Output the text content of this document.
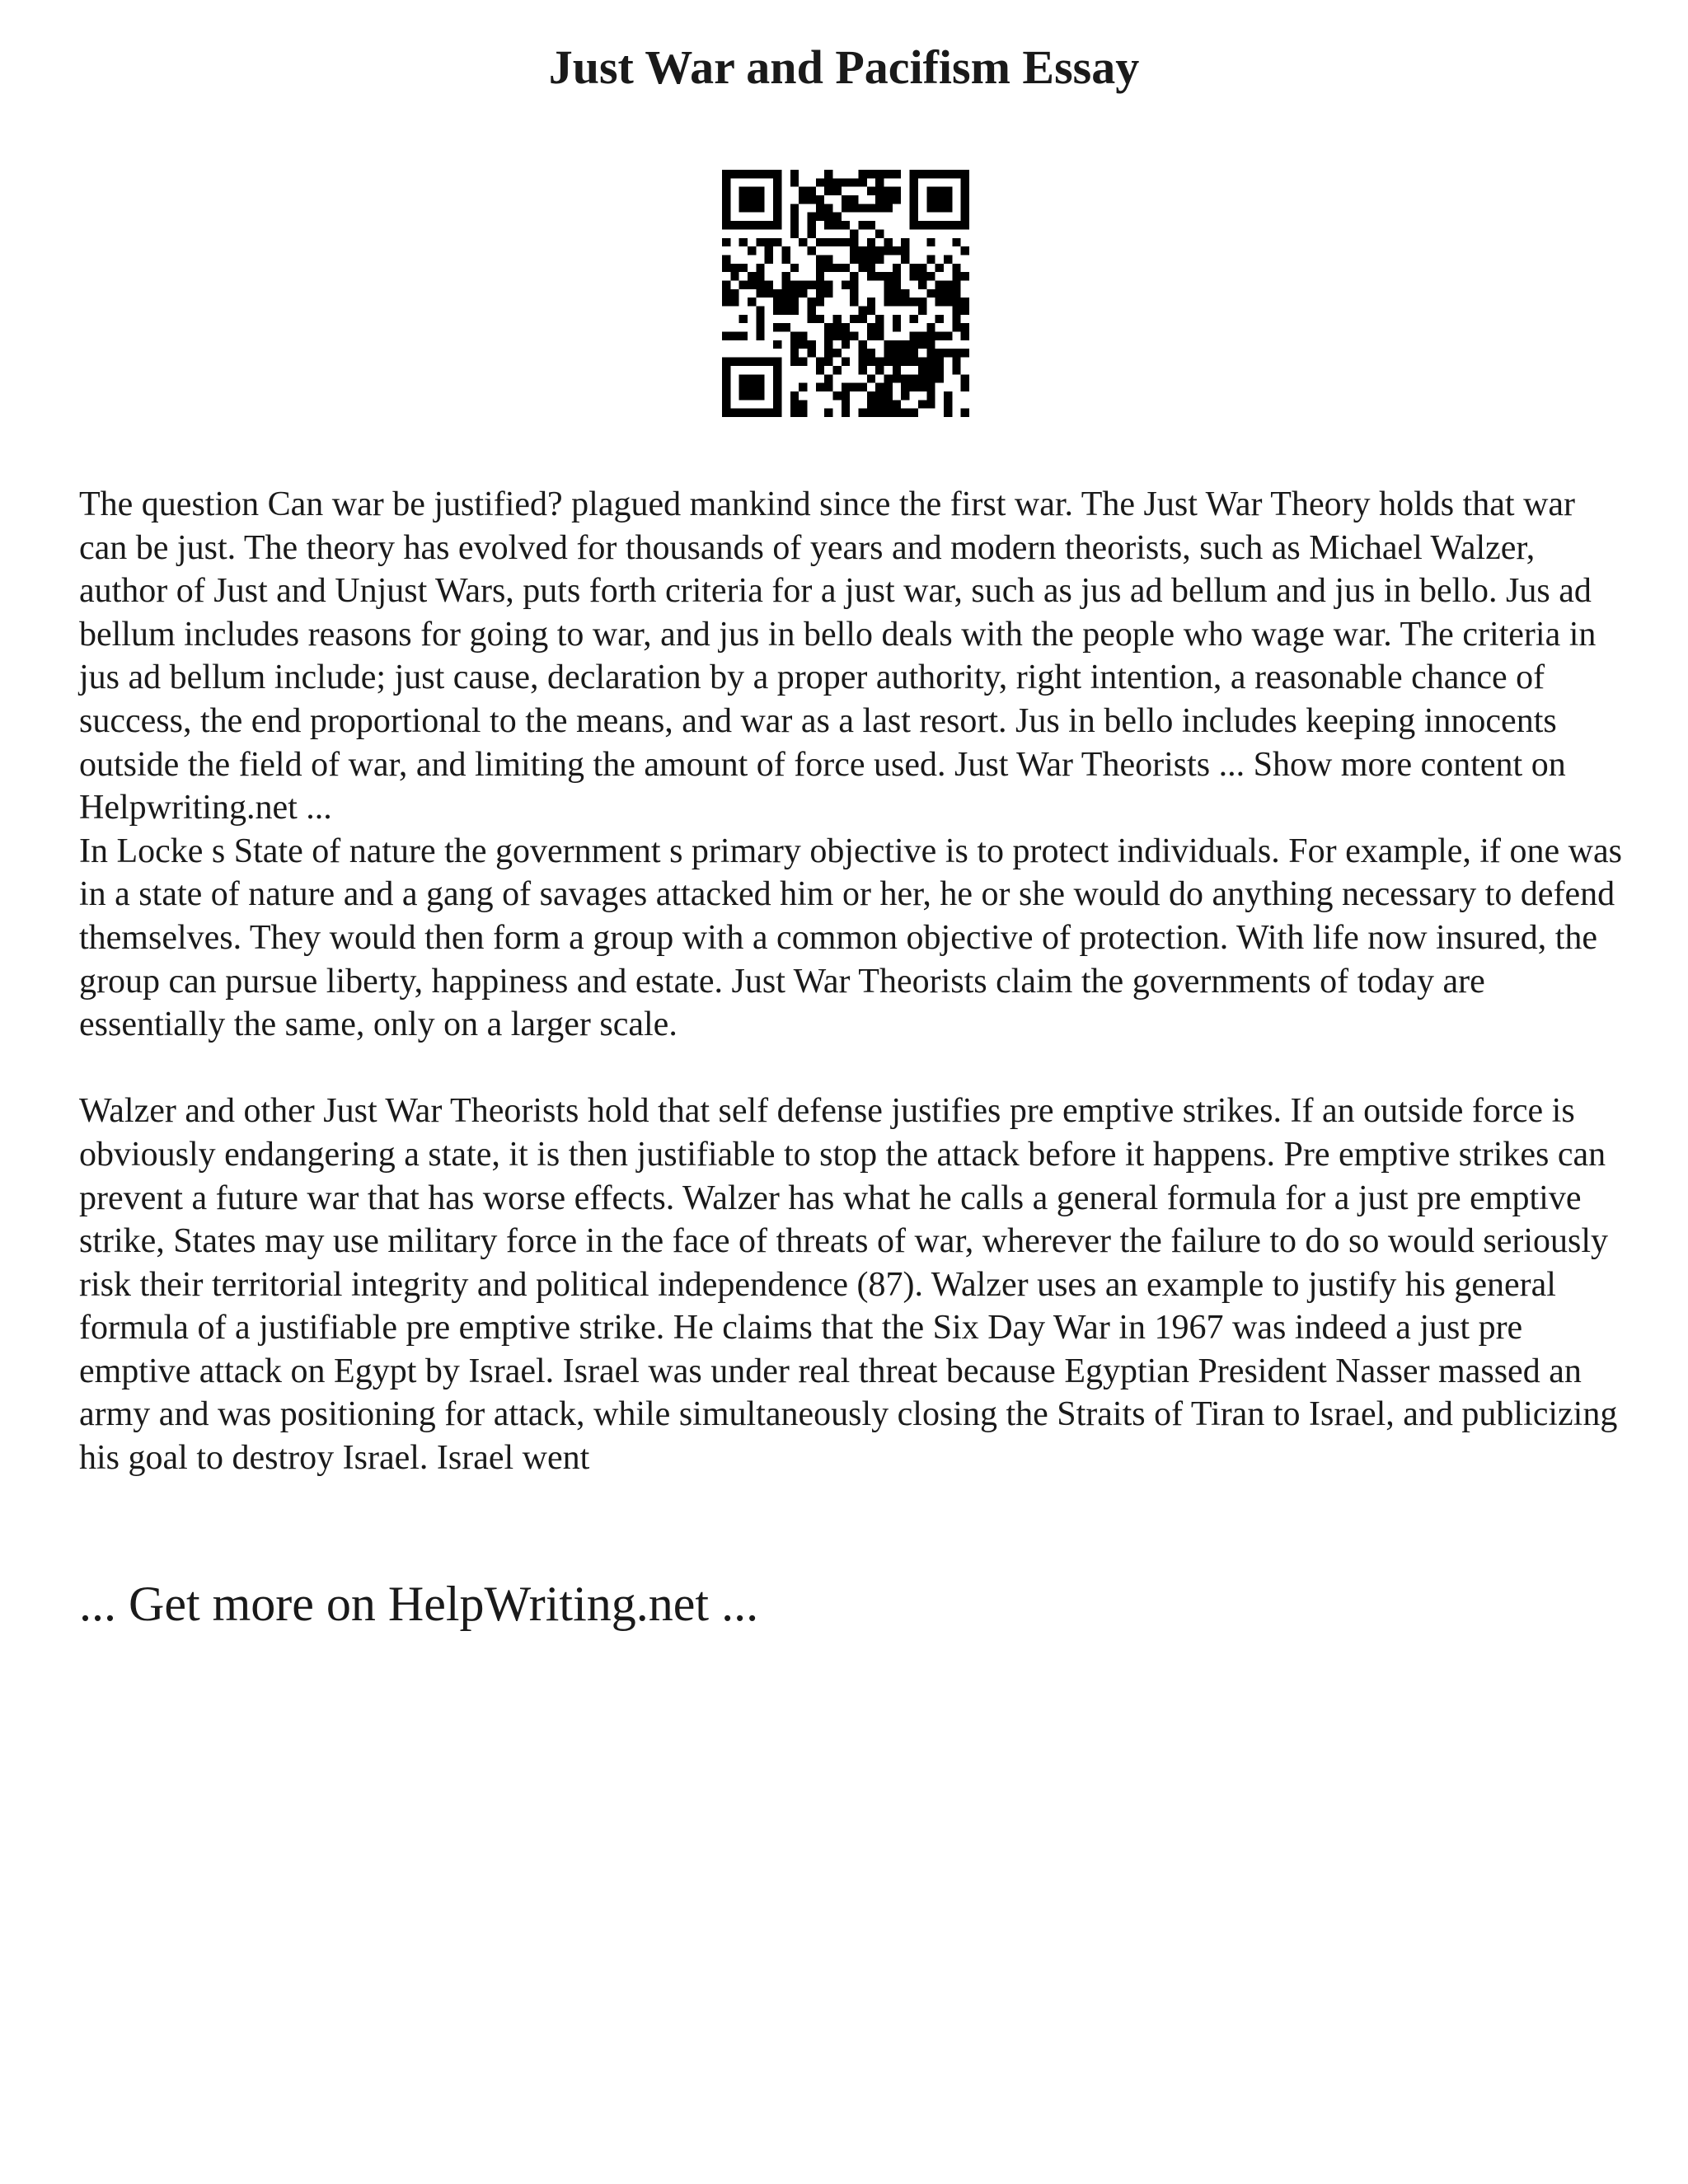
Just War and Pacifism Essay

The question Can war be justified? plagued mankind since the first war. The Just War Theory holds that war can be just. The theory has evolved for thousands of years and modern theorists, such as Michael Walzer, author of Just and Unjust Wars, puts forth criteria for a just war, such as jus ad bellum and jus in bello. Jus ad bellum includes reasons for going to war, and jus in bello deals with the people who wage war. The criteria in jus ad bellum include; just cause, declaration by a proper authority, right intention, a reasonable chance of success, the end proportional to the means, and war as a last resort. Jus in bello includes keeping innocents outside the field of war, and limiting the amount of force used. Just War Theorists ... Show more content on Helpwriting.net ...

In Locke s State of nature the government s primary objective is to protect individuals. For example, if one was in a state of nature and a gang of savages attacked him or her, he or she would do anything necessary to defend themselves. They would then form a group with a common objective of protection. With life now insured, the group can pursue liberty, happiness and estate. Just War Theorists claim the governments of today are essentially the same, only on a larger scale.

Walzer and other Just War Theorists hold that self defense justifies pre emptive strikes. If an outside force is obviously endangering a state, it is then justifiable to stop the attack before it happens. Pre emptive strikes can prevent a future war that has worse effects. Walzer has what he calls a general formula for a just pre emptive strike, States may use military force in the face of threats of war, wherever the failure to do so would seriously risk their territorial integrity and political independence (87). Walzer uses an example to justify his general formula of a justifiable pre emptive strike. He claims that the Six Day War in 1967 was indeed a just pre emptive attack on Egypt by Israel. Israel was under real threat because Egyptian President Nasser massed an army and was positioning for attack, while simultaneously closing the Straits of Tiran to Israel, and publicizing his goal to destroy Israel. Israel went

... Get more on HelpWriting.net ...
